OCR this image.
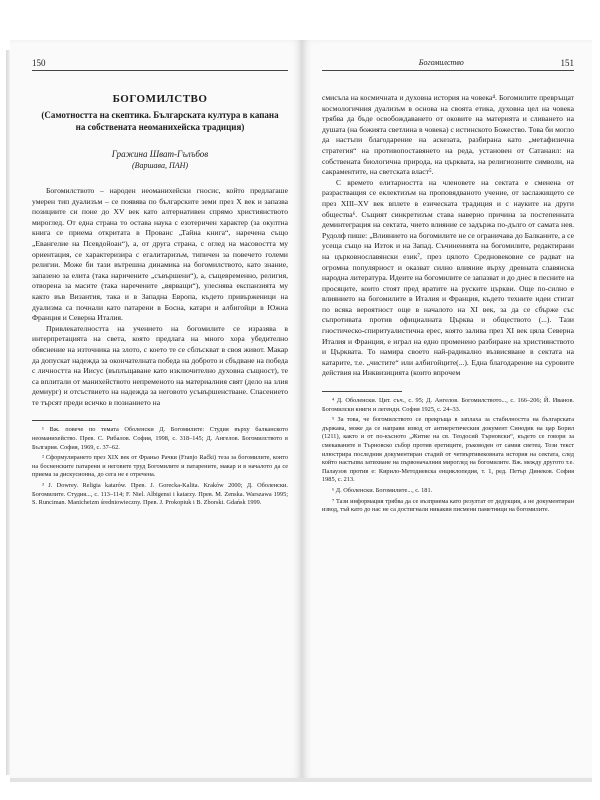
150
БОГОМИЛСТВО
(Самотността на скептика. Българската култура в капана на собствената неоманихейска традиция)
Гражина Шват-Гълъбов
(Варшава, ПАН)

Богомилството – народен неоманихейски гносис, който предлагаше умерен тип дуализъм – се появява по българските земи през X век и запазва позициите си поне до XV век като алтернативен спрямо християнството мироглед. От една страна то остава наука с езотеричен характер (за окултна книга се приема откритата в Прованс „Тайна книга“, наречена също „Евангелие на Псевдойоан“), а, от друга страна, с оглед на масовостта му ориентация, се характеризира с егалитаризъм, типичен за повечето големи религии. Може би тази вътрешна динамика на богомилството, като знание, запазено за елита (така наричените „съвършени“), а, същевременно, религия, отворена за масите (така наречените „вярващи“), улеснява експанзията му както във Византия, така и в Западна Европа, където привърженици на дуализма са почнали като патарени в Босна, катари и албигойци в Южна Франция и Северна Италия.

Привлекателността на учението на богомилите се изразява в интерпретацията на света, която предлага на много хора убедително обяснение на източника на злото, с което те се сблъскват в своя живот. Макар да допускат надежда за окончателната победа на доброто и сбъдване на победа с личността на Иисус (въплъщаване като изключително духовна същност), те са вплитали от манихейството непременото на материалния свят (дело на злия демиург) и отсъствието на надежда за неговото усъвършенстване. Спасението те търсят преди всичко в познанието на

¹ Вж. повече по темата Оболенски Д. Богомилите: Студия върху балканското неоманихейство. Прев. С. Рибалов. София, 1998, с. 318–145; Д. Ангелов. Богомилството в България. София, 1969, с. 37–62.

² Сформулирането през XIX век от Франьо Рачки (Franjo Rački) тезa за богомилите, които на босненските патарени и неговите труд Богомилите и патарените, макар и в началото да се приема за дискусионна, до сега не е отречена.

³ J. Dowrey. Religia katarów. Прев. J. Gorecka-Kalita. Kraków 2000; Д. Оболенски. Богомилите. Студия..., с. 113–114; F. Niel. Albigensi i katarzy. Прев. M. Zenska. Warszawa 1995; S. Runciman. Manicheizm średniowieczny. Прев. J. Prokopiuk i B. Zborski. Gdańsk 1999.

Богомилство	151

смисъла на космичната и духовна история на човека⁴. Богомилите превръщат космологичния дуализъм в основа на своята етика, духовна цел на човека трябва да бъде освобождаването от оковите на материята и сливането на душата (на божията светлина в човека) с истинското Божество. Това би могло да настъпи благодарение на аскезата, разбирана като „метафизична стратегия“ на противопоставянето на реда, установен от Сатанаил: на собствената биологична природа, на църквата, на религиозните символи, на сакраментите, на светската власт⁵.

С времето елитарността на членовете на сектата е сменена от разрастващия се еклектизъм на проповядваното учение, от заслажището се през XIII–XV век вплете в езическата традиция и с науките на други общества⁶. Същият синкретизъм става наверно причина за постепенната деминтеграция на сектата, чието влияние се задържа по-дълго от самата нея. Рудолф пише: „Влиянието на богомилите не се ограничава до Балканите, а се усеща също на Изток и на Запад. Съчиненията на богомилите, редактирани на църковнославянски език⁷, през цялото Средновековие се радват на огромна популярност и оказват силно влияние върху древната славянска народна литература. Идеите на богомилите се запазват и до днес в песните на просяците, които стоят пред вратите на руските църкви. Още по-силно е влиянието на богомилите в Италия и Франция, където техните идеи стигат по всяка вероятност още в началото на XI век, за да се сбърже със съпротивата против официалната Църква и обществото (...). Тази гностическо-спиритуалистична ерес, която залива през XI век цяла Северна Италия и Франция, е играл на едно променено разбиране на християнството и Църквата. То намира своето най-радикално възвисяване в сектата на катарите, т.е. „чистите“ или албигойците(...). Една благодарение на суровите действия на Инквизицията (които впрочем

⁴ Д. Оболенски. Цит. съч., с. 95; Д. Ангелов. Богомилството..., с. 166–206; Й. Иванов. Богомилски книги и легенди. София 1925, с. 24–33.

⁵ За това, че богомилството се прекръща в заплаха за стабилността на българската държава, може да се направи извод от антиеретическия документ Синодик на цар Борил (1211), както и от по-късното „Житие на св. Теодосий Търновски“, където се говори за смекаваните в Търновско събор против еретиците, ръководен от самия светец. Този текст илюстрира последния документиран стадий от четвъртивековната история на сектата, след който настъпва затихване на първоначалния мироглед на богомилите. Вж. между другото т.е. Палаузов против е: Кирило-Методиевска енциклопедия, т. 1, ред. Петър Динеков. София 1985, с. 213.

⁶ Д. Оболенски. Богомилите..., с. 181.

⁷ Тази информация трябва да се възприема като резултат от дедукция, а не документиран извод, тъй като до нас не са достигнали никакви писмени паметници на богомилите.
